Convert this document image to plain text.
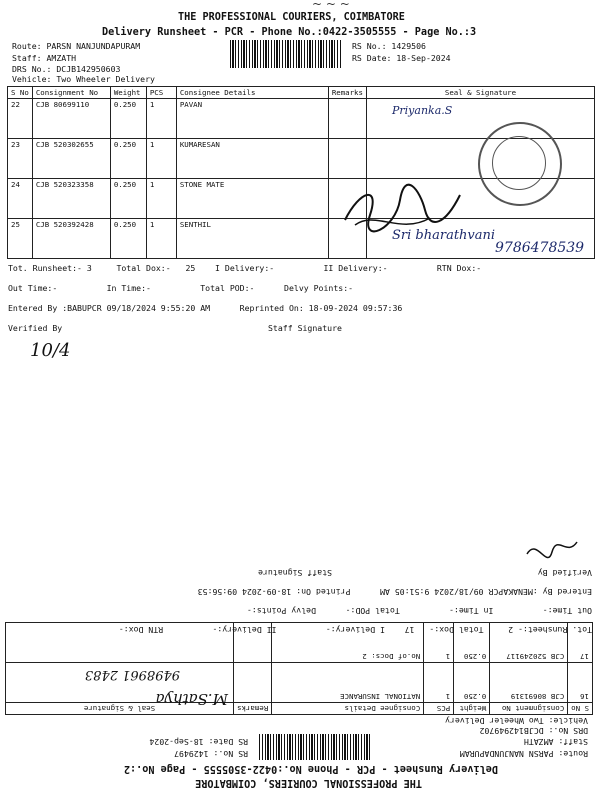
~ ~ ~
THE PROFESSIONAL COURIERS, COIMBATORE
Delivery Runsheet - PCR - Phone No.:0422-3505555 - Page No.:3
Route: PARSN NANJUNDAPURAM	RS No.: 1429506
Staff: AMZATH	RS Date: 18-Sep-2024
DRS No.: DCJB142950603
Vehicle: Two Wheeler Delivery
S No	Consignment No	Weight	PCS	Consignee Details	Remarks	Seal & Signature
22	CJB 80699110	0.250	1	PAVAN		
23	CJB 520302655	0.250	1	KUMARESAN		
24	CJB 520323358	0.250	1	STONE MATE		
25	CJB 520392428	0.250	1	SENTHIL		
Priyanka.S
Sri bharathvani
9786478539
Tot. Runsheet:- 3     Total Dox:-   25    I Delivery:-          II Delivery:-          RTN Dox:-
Out Time:-          In Time:-          Total POD:-      Delvy Points:-
Entered By :BABUPCR 09/18/2024 9:55:20 AM      Reprinted On: 18-09-2024 09:57:36
Verified By	Staff Signature
10/4
THE PROFESSIONAL COURIERS, COIMBATORE
Delivery Runsheet - PCR - Phone No.:0422-3505555 - Page No.:2
Route: PARSN NANJUNDAPURAM
RS No.: 1429497
Staff: AMZATH
RS Date: 18-Sep-2024
DRS No.: DCJB142949702
Vehicle: Two Wheeler Delivery
S No	Consignment No	Weight	PCS	Consignee Details	Remarks	Seal & Signature
16	CJB 80691319	0.250	1	NATIONAL INSURANCE		
17	CJB 520249117	0.250	1	No.of Docs: 2		
M.Sathya
9498961 2483
Tot. Runsheet:- 2     Total Dox:-   17    I Delivery:-          II Delivery:-          RTN Dox:-
Out Time:-          In Time:-          Total POD:-      Delvy Points:-
Entered By :MENAKAPCR 09/18/2024 9:51:05 AM      Printed On: 18-09-2024 09:56:53
Verified By
Staff Signature
